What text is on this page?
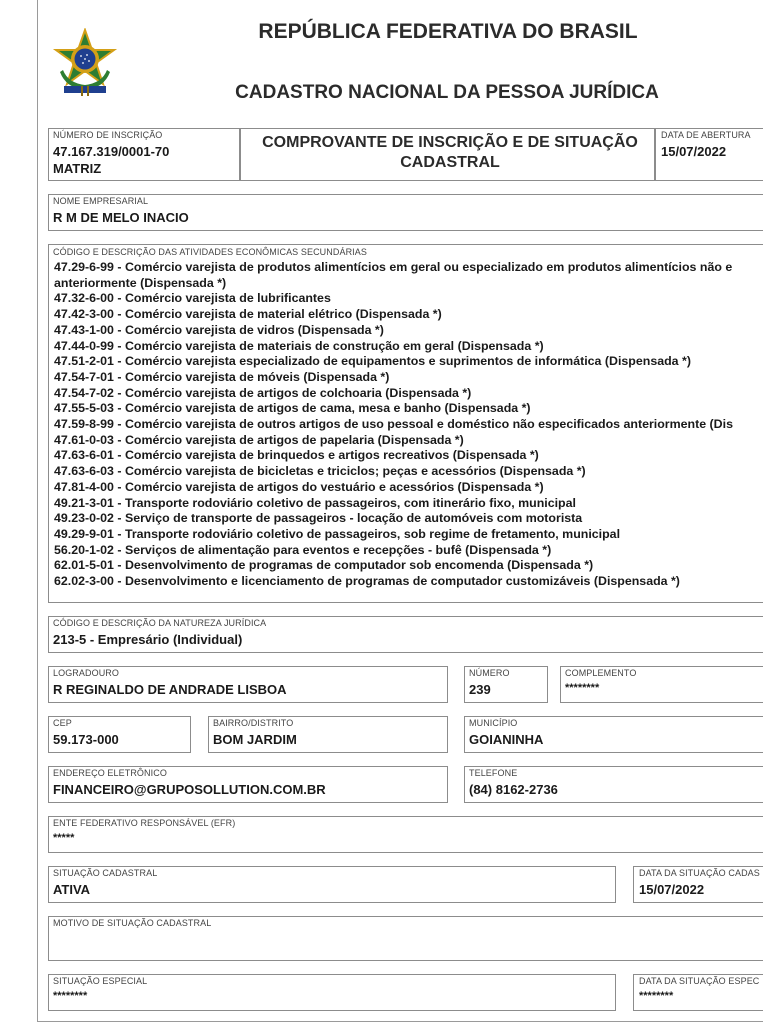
REPÚBLICA FEDERATIVA DO BRASIL
CADASTRO NACIONAL DA PESSOA JURÍDICA
NÚMERO DE INSCRIÇÃO
47.167.319/0001-70
MATRIZ
COMPROVANTE DE INSCRIÇÃO E DE SITUAÇÃO
CADASTRAL
DATA DE ABERTURA
15/07/2022
NOME EMPRESARIAL
R M DE MELO INACIO
CÓDIGO E DESCRIÇÃO DAS ATIVIDADES ECONÔMICAS SECUNDÁRIAS
47.29-6-99 - Comércio varejista de produtos alimentícios em geral ou especializado em produtos alimentícios não e
anteriormente (Dispensada *)
47.32-6-00 - Comércio varejista de lubrificantes
47.42-3-00 - Comércio varejista de material elétrico (Dispensada *)
47.43-1-00 - Comércio varejista de vidros (Dispensada *)
47.44-0-99 - Comércio varejista de materiais de construção em geral (Dispensada *)
47.51-2-01 - Comércio varejista especializado de equipamentos e suprimentos de informática (Dispensada *)
47.54-7-01 - Comércio varejista de móveis (Dispensada *)
47.54-7-02 - Comércio varejista de artigos de colchoaria (Dispensada *)
47.55-5-03 - Comércio varejista de artigos de cama, mesa e banho (Dispensada *)
47.59-8-99 - Comércio varejista de outros artigos de uso pessoal e doméstico não especificados anteriormente (Dis
47.61-0-03 - Comércio varejista de artigos de papelaria (Dispensada *)
47.63-6-01 - Comércio varejista de brinquedos e artigos recreativos (Dispensada *)
47.63-6-03 - Comércio varejista de bicicletas e triciclos; peças e acessórios (Dispensada *)
47.81-4-00 - Comércio varejista de artigos do vestuário e acessórios (Dispensada *)
49.21-3-01 - Transporte rodoviário coletivo de passageiros, com itinerário fixo, municipal
49.23-0-02 - Serviço de transporte de passageiros - locação de automóveis com motorista
49.29-9-01 - Transporte rodoviário coletivo de passageiros, sob regime de fretamento, municipal
56.20-1-02 - Serviços de alimentação para eventos e recepções - bufê (Dispensada *)
62.01-5-01 - Desenvolvimento de programas de computador sob encomenda (Dispensada *)
62.02-3-00 - Desenvolvimento e licenciamento de programas de computador customizáveis (Dispensada *)
CÓDIGO E DESCRIÇÃO DA NATUREZA JURÍDICA
213-5 - Empresário (Individual)
LOGRADOURO
R REGINALDO DE ANDRADE LISBOA
NÚMERO
239
COMPLEMENTO
********
CEP
59.173-000
BAIRRO/DISTRITO
BOM JARDIM
MUNICÍPIO
GOIANINHA
ENDEREÇO ELETRÔNICO
FINANCEIRO@GRUPOSOLLUTION.COM.BR
TELEFONE
(84) 8162-2736
ENTE FEDERATIVO RESPONSÁVEL (EFR)
*****
SITUAÇÃO CADASTRAL
ATIVA
DATA DA SITUAÇÃO CADAS
15/07/2022
MOTIVO DE SITUAÇÃO CADASTRAL
SITUAÇÃO ESPECIAL
********
DATA DA SITUAÇÃO ESPEC
********
